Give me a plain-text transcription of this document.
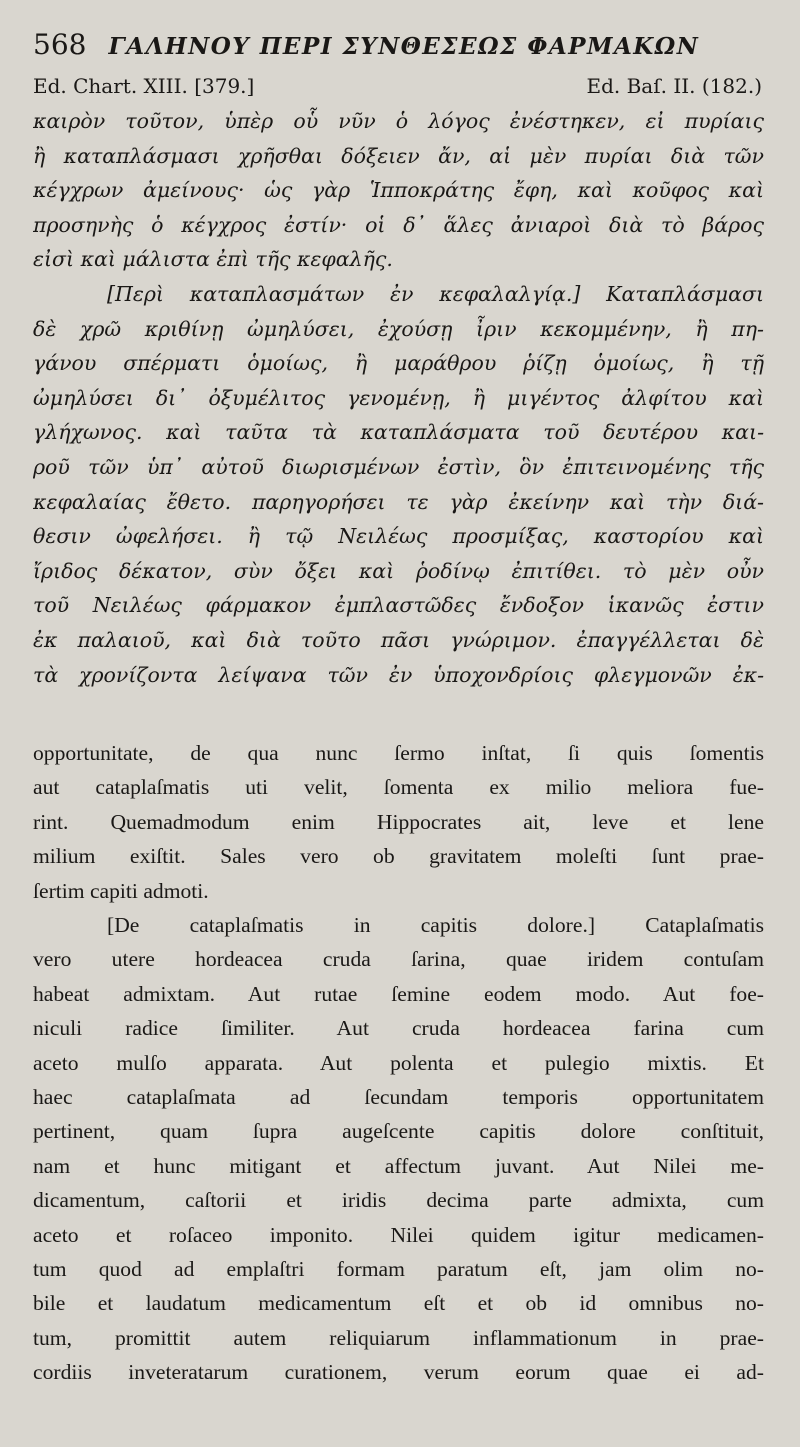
568 ΓΑΛΗΝΟΥ ΠΕΡΙ ΣΥΝΘΕΣΕΩΣ ΦΑΡΜΑΚΩΝ
Ed. Chart. XIII. [379.]	Ed. Baſ. II. (182.)
καιρὸν τοῦτον, ὑπὲρ οὗ νῦν ὁ λόγος ἐνέστηκεν, εἰ πυρίαις
ἢ καταπλάσμασι χρῆσθαι δόξειεν ἄν, αἱ μὲν πυρίαι διὰ τῶν
κέγχρων ἀμείνους· ὡς γὰρ Ἱπποκράτης ἔφη, καὶ κοῦφος καὶ
προσηνὴς ὁ κέγχρος ἐστίν· οἱ δ᾽ ἅλες ἀνιαροὶ διὰ τὸ βάρος
εἰσὶ καὶ μάλιστα ἐπὶ τῆς κεφαλῆς.
[Περὶ καταπλασμάτων ἐν κεφαλαλγίᾳ.] Καταπλάσμασι
δὲ χρῶ κριθίνῃ ὠμηλύσει, ἐχούσῃ ἶριν κεκομμένην, ἢ πη-
γάνου σπέρματι ὁμοίως, ἢ μαράθρου ῥίζῃ ὁμοίως, ἢ τῇ
ὠμηλύσει δι᾽ ὀξυμέλιτος γενομένῃ, ἢ μιγέντος ἀλφίτου καὶ
γλήχωνος. καὶ ταῦτα τὰ καταπλάσματα τοῦ δευτέρου και-
ροῦ τῶν ὑπ᾽ αὐτοῦ διωρισμένων ἐστὶν, ὃν ἐπιτεινομένης τῆς
κεφαλαίας ἔθετο. παρηγορήσει τε γὰρ ἐκείνην καὶ τὴν διά-
θεσιν ὠφελήσει. ἢ τῷ Νειλέως προσμίξας, καστορίου καὶ
ἴριδος δέκατον, σὺν ὄξει καὶ ῥοδίνῳ ἐπιτίθει. τὸ μὲν οὖν
τοῦ Νειλέως φάρμακον ἐμπλαστῶδες ἔνδοξον ἱκανῶς ἐστιν
ἐκ παλαιοῦ, καὶ διὰ τοῦτο πᾶσι γνώριμον. ἐπαγγέλλεται δὲ
τὰ χρονίζοντα λείψανα τῶν ἐν ὑποχονδρίοις φλεγμονῶν ἐκ-
opportunitate, de qua nunc ſermo inſtat, ſi quis ſomentis
aut cataplaſmatis uti velit, ſomenta ex milio meliora fue-
rint. Quemadmodum enim Hippocrates ait, leve et lene
milium exiſtit. Sales vero ob gravitatem moleſti ſunt prae-
ſertim capiti admoti.
[De cataplaſmatis in capitis dolore.] Cataplaſmatis
vero utere hordeacea cruda ſarina, quae iridem contuſam
habeat admixtam. Aut rutae ſemine eodem modo. Aut foe-
niculi radice ſimiliter. Aut cruda hordeacea farina cum
aceto mulſo apparata. Aut polenta et pulegio mixtis. Et
haec cataplaſmata ad ſecundam temporis opportunitatem
pertinent, quam ſupra augeſcente capitis dolore conſtituit,
nam et hunc mitigant et affectum juvant. Aut Nilei me-
dicamentum, caſtorii et iridis decima parte admixta, cum
aceto et roſaceo imponito. Nilei quidem igitur medicamen-
tum quod ad emplaſtri formam paratum eſt, jam olim no-
bile et laudatum medicamentum eſt et ob id omnibus no-
tum, promittit autem reliquiarum inflammationum in prae-
cordiis inveteratarum curationem, verum eorum quae ei ad-
